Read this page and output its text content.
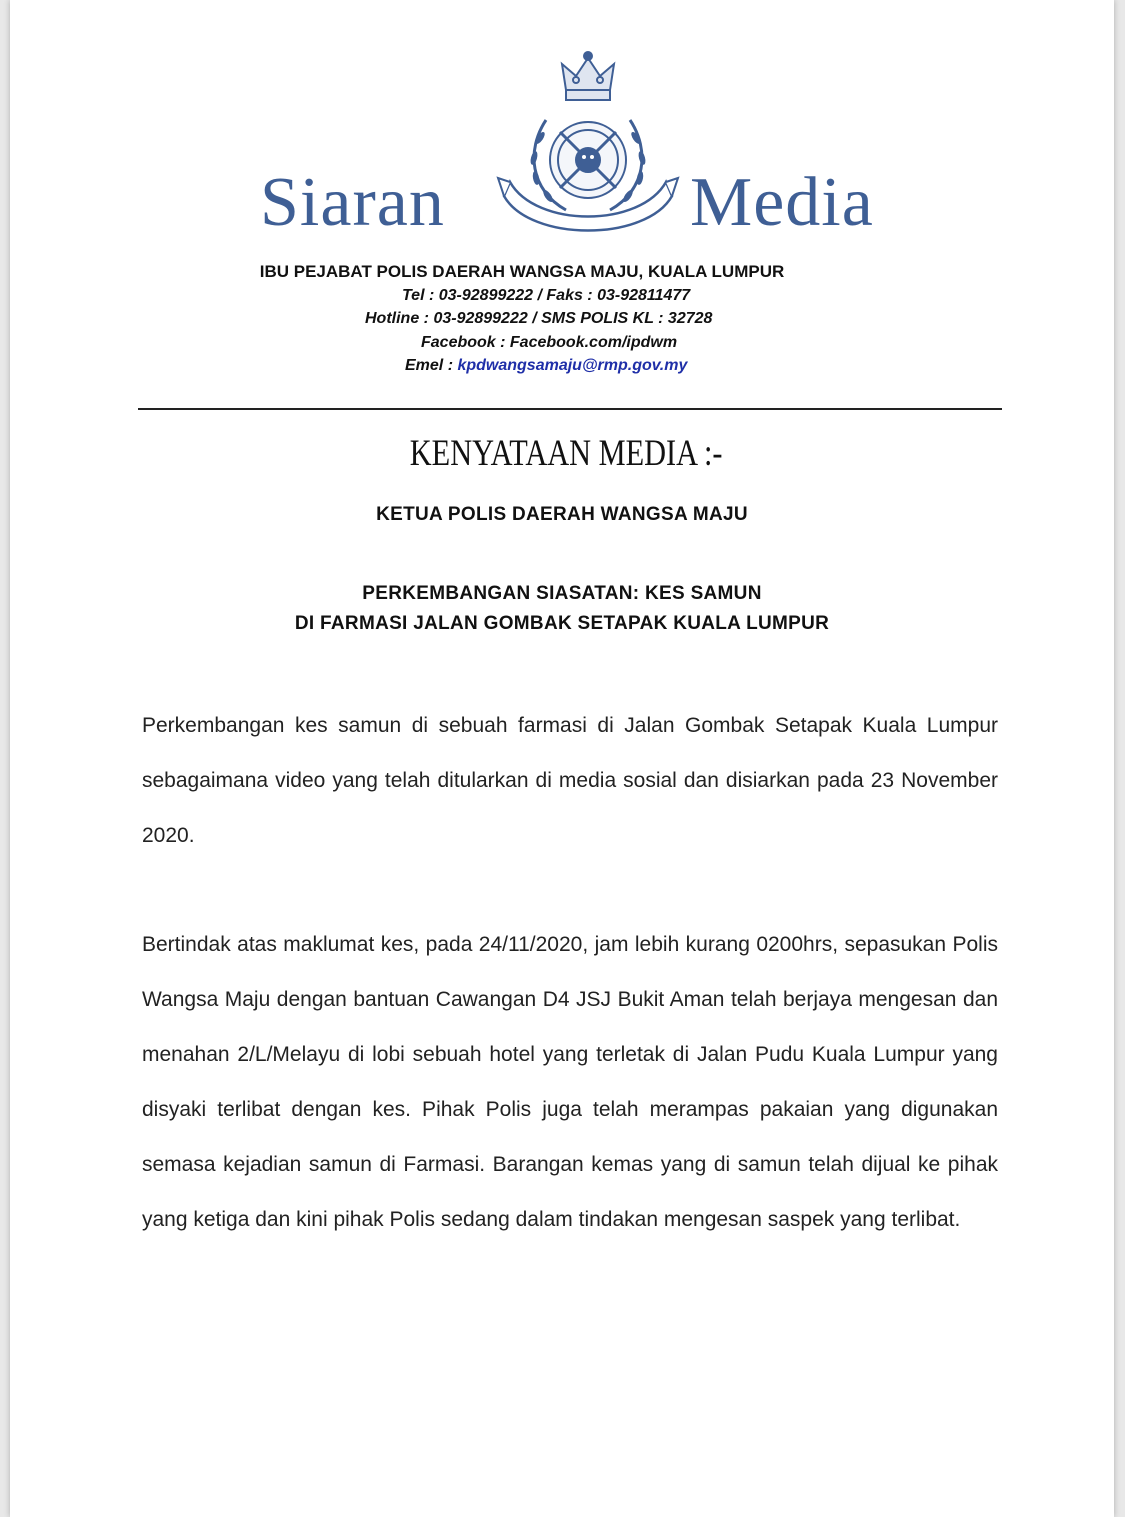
Siaran	Media
IBU PEJABAT POLIS DAERAH WANGSA MAJU, KUALA LUMPUR
Tel : 03-92899222 / Faks : 03-92811477
Hotline : 03-92899222 / SMS POLIS KL : 32728
Facebook : Facebook.com/ipdwm
Emel : kpdwangsamaju@rmp.gov.my
KENYATAAN MEDIA :-
KETUA POLIS DAERAH WANGSA MAJU
PERKEMBANGAN SIASATAN: KES SAMUN
DI FARMASI JALAN GOMBAK SETAPAK KUALA LUMPUR
Perkembangan kes samun di sebuah farmasi di Jalan Gombak Setapak Kuala Lumpur sebagaimana video yang telah ditularkan di media sosial dan disiarkan pada 23 November 2020.
Bertindak atas maklumat kes, pada 24/11/2020, jam lebih kurang 0200hrs, sepasukan Polis Wangsa Maju dengan bantuan Cawangan D4 JSJ Bukit Aman telah berjaya mengesan dan menahan 2/L/Melayu di lobi sebuah hotel yang terletak di Jalan Pudu Kuala Lumpur yang disyaki terlibat dengan kes. Pihak Polis juga telah merampas pakaian yang digunakan semasa kejadian samun di Farmasi. Barangan kemas yang di samun telah dijual ke pihak yang ketiga dan kini pihak Polis sedang dalam tindakan mengesan saspek yang terlibat.
